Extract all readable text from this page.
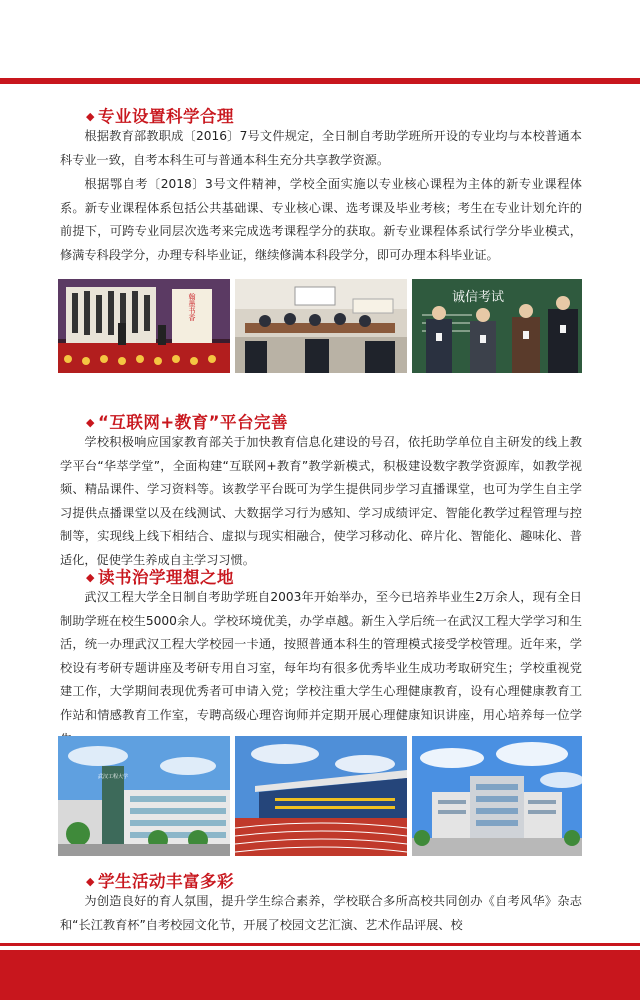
◆ 专业设置科学合理

根据教育部教职成〔2016〕7号文件规定，全日制自考助学班所开设的专业均与本校普通本科专业一致，自考本科生可与普通本科生充分共享教学资源。

根据鄂自考〔2018〕3号文件精神，学校全面实施以专业核心课程为主体的新专业课程体系。新专业课程体系包括公共基础课、专业核心课、选考课及毕业考核；考生在专业计划允许的前提下，可跨专业同层次选考来完成选考课程学分的获取。新专业课程体系试行学分毕业模式，修满专科段学分，办理专科毕业证，继续修满本科段学分，即可办理本科毕业证。

翰墨书香	诚信考试
◆ “互联网+教育”平台完善

学校积极响应国家教育部关于加快教育信息化建设的号召，依托助学单位自主研发的线上教学平台“华萃学堂”，全面构建“互联网+教育”教学新模式，积极建设数字教学资源库，如教学视频、精品课件、学习资料等。该教学平台既可为学生提供同步学习直播课堂，也可为学生自主学习提供点播课堂以及在线测试、大数据学习行为感知、学习成绩评定、智能化教学过程管理与控制等，实现线上线下相结合、虚拟与现实相融合，使学习移动化、碎片化、智能化、趣味化、普适化，促使学生养成自主学习习惯。

◆ 读书治学理想之地

武汉工程大学全日制自考助学班自2003年开始举办，至今已培养毕业生2万余人，现有全日制助学班在校生5000余人。学校环境优美，办学卓越。新生入学后统一在武汉工程大学学习和生活，统一办理武汉工程大学校园一卡通，按照普通本科生的管理模式接受学校管理。近年来，学校设有考研专题讲座及考研专用自习室，每年均有很多优秀毕业生成功考取研究生；学校重视党建工作，大学期间表现优秀者可申请入党；学校注重大学生心理健康教育，设有心理健康教育工作站和情感教育工作室，专聘高级心理咨询师并定期开展心理健康知识讲座，用心培养每一位学

武汉工程大学
◆ 学生活动丰富多彩

为创造良好的育人氛围，提升学生综合素养，学校联合多所高校共同创办《自考风华》杂志和“长江教育杯”自考校园文化节，开展了校园文艺汇演、艺术作品评展、校
